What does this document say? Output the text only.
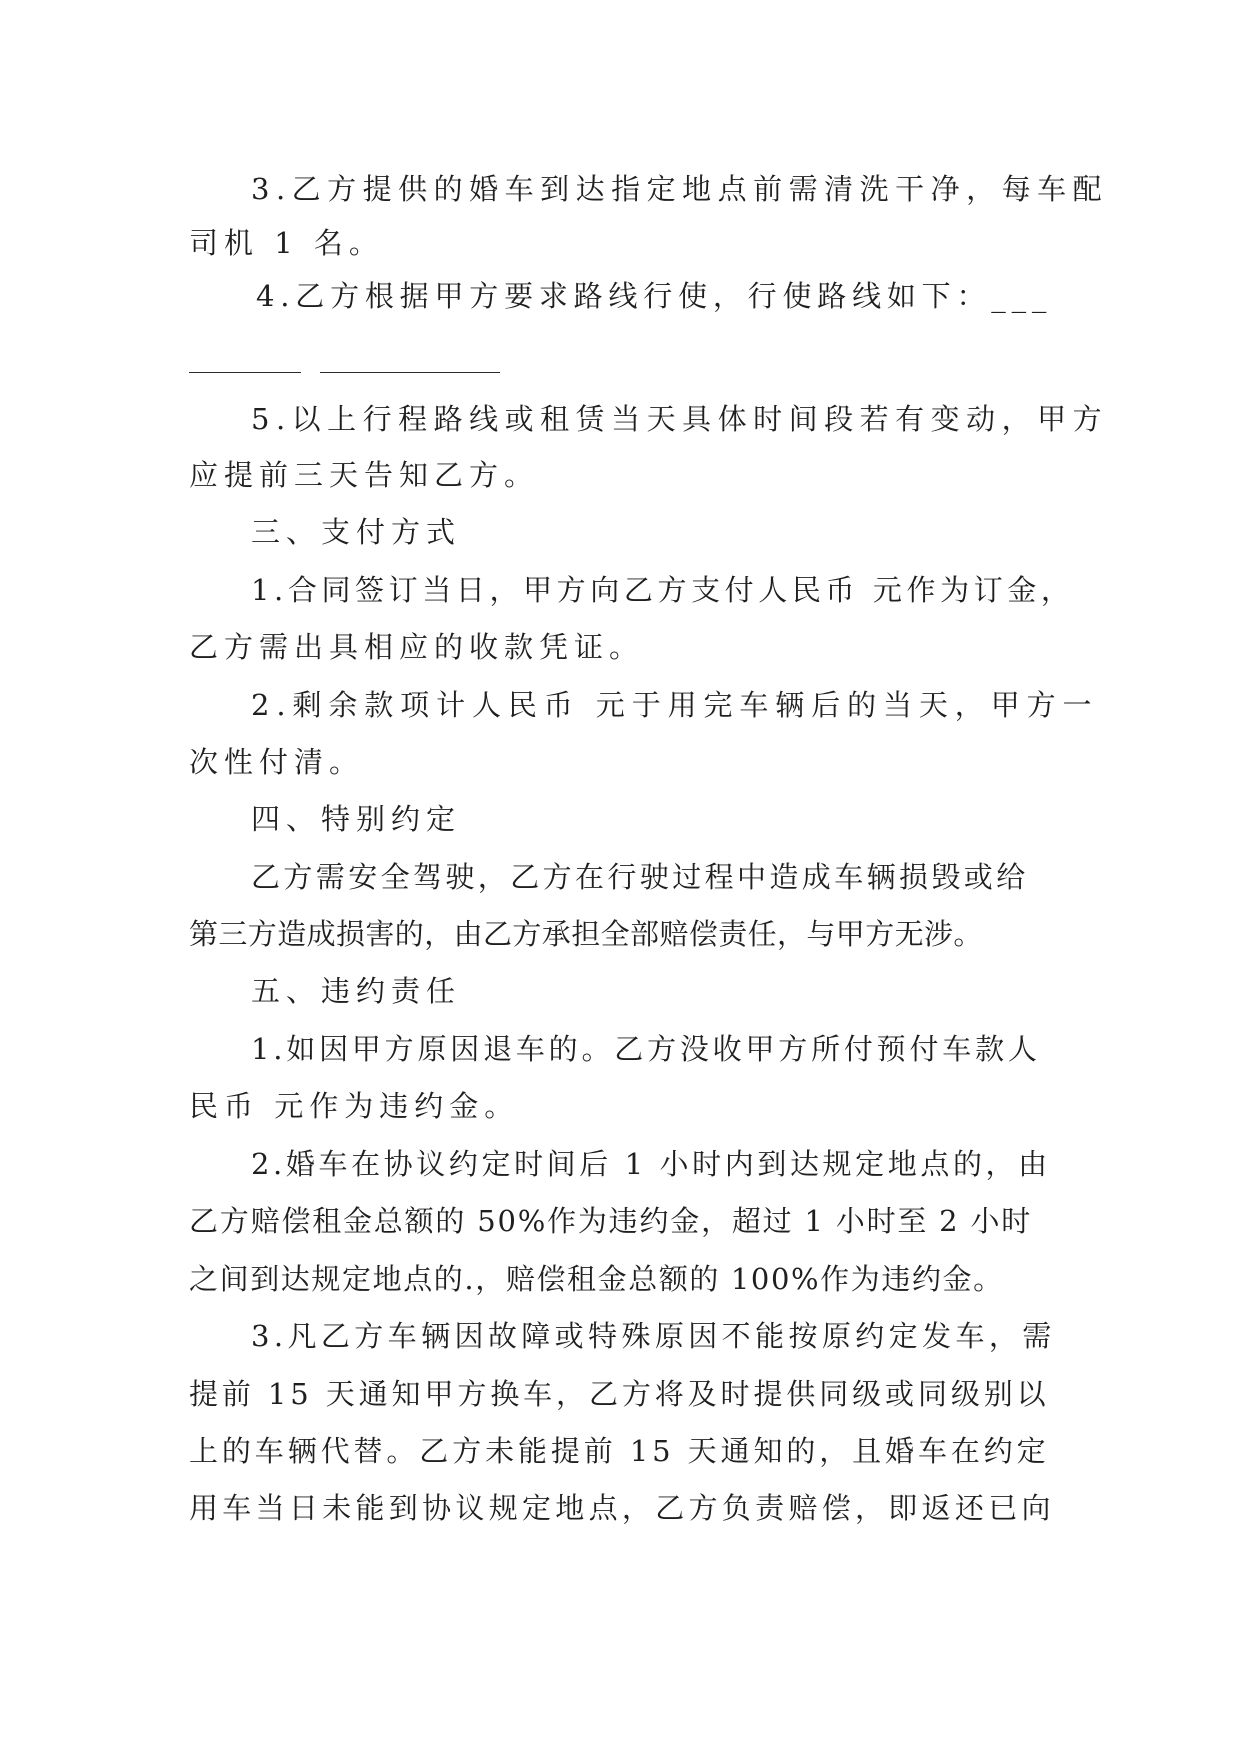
3.乙方提供的婚车到达指定地点前需清洗干净，每车配
司机 1 名。
4.乙方根据甲方要求路线行使，行使路线如下：___
5.以上行程路线或租赁当天具体时间段若有变动，甲方
应提前三天告知乙方。
三、支付方式
1.合同签订当日，甲方向乙方支付人民币 元作为订金，
乙方需出具相应的收款凭证。
2.剩余款项计人民币 元于用完车辆后的当天，甲方一
次性付清。
四、特别约定
乙方需安全驾驶，乙方在行驶过程中造成车辆损毁或给
第三方造成损害的，由乙方承担全部赔偿责任，与甲方无涉。
五、违约责任
1.如因甲方原因退车的。乙方没收甲方所付预付车款人
民币 元作为违约金。
2.婚车在协议约定时间后 1 小时内到达规定地点的，由
乙方赔偿租金总额的 50%作为违约金，超过 1 小时至 2 小时
之间到达规定地点的.，赔偿租金总额的 100%作为违约金。
3.凡乙方车辆因故障或特殊原因不能按原约定发车，需
提前 15 天通知甲方换车，乙方将及时提供同级或同级别以
上的车辆代替。乙方未能提前 15 天通知的，且婚车在约定
用车当日未能到协议规定地点，乙方负责赔偿，即返还已向
